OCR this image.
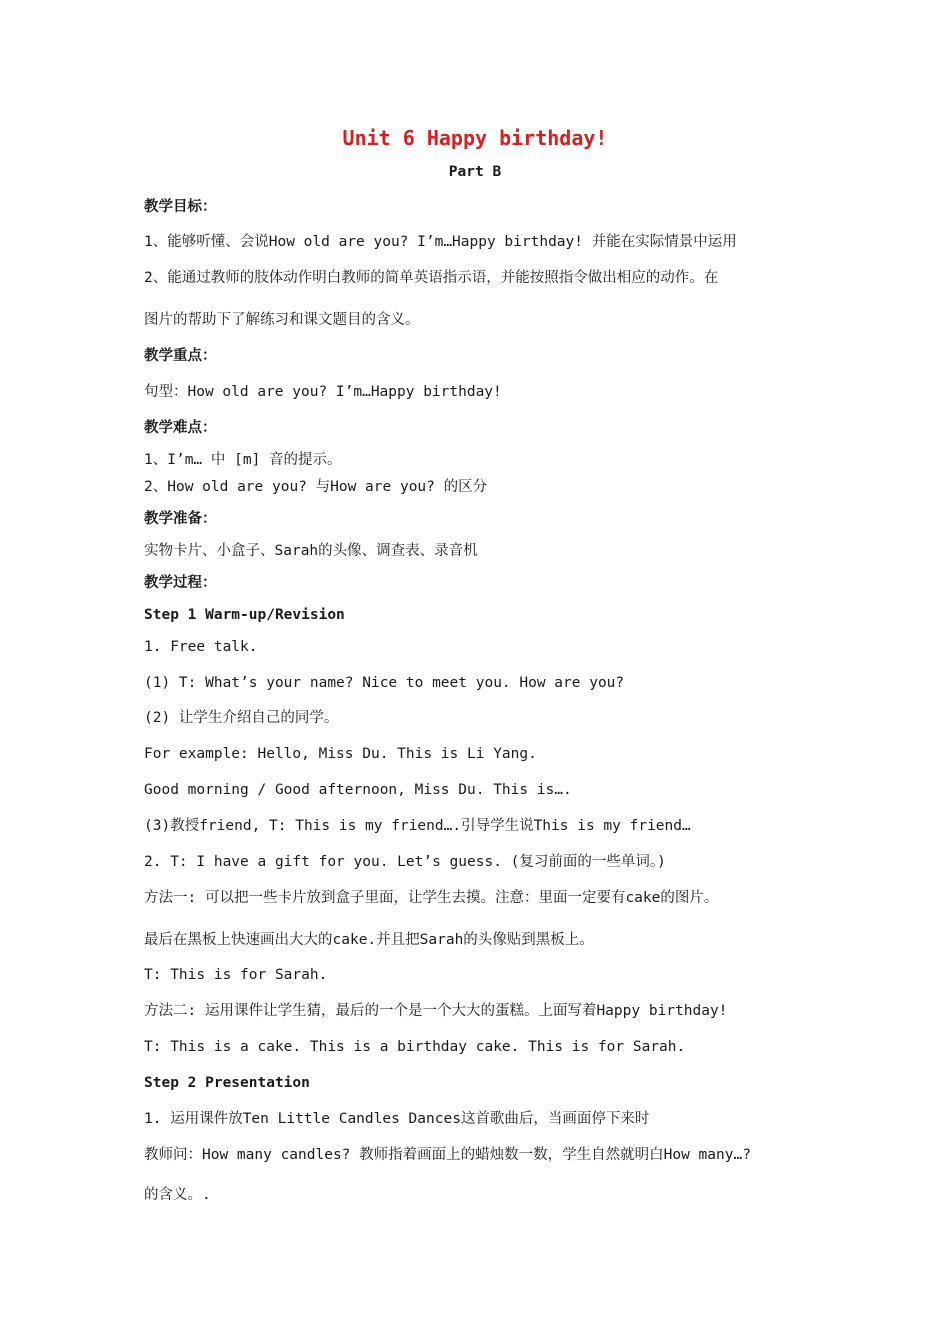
Unit 6 Happy birthday!
Part B
教学目标：
1、能够听懂、会说How old are you? I’m…Happy birthday! 并能在实际情景中运用
2、能通过教师的肢体动作明白教师的简单英语指示语，并能按照指令做出相应的动作。在
图片的帮助下了解练习和课文题目的含义。
教学重点：
句型：How old are you? I’m…Happy birthday!
教学难点：
1、I’m… 中 [m] 音的提示。
2、How old are you? 与How are you? 的区分
教学准备：
实物卡片、小盒子、Sarah的头像、调查表、录音机
教学过程：
Step 1 Warm-up/Revision
1. Free talk.
(1) T: What’s your name? Nice to meet you. How are you?
(2) 让学生介绍自己的同学。
For example: Hello, Miss Du. This is Li Yang.
Good morning / Good afternoon, Miss Du. This is….
(3)教授friend, T: This is my friend….引导学生说This is my friend…
2. T: I have a gift for you. Let’s guess. (复习前面的一些单词。)
方法一: 可以把一些卡片放到盒子里面，让学生去摸。注意：里面一定要有cake的图片。
最后在黑板上快速画出大大的cake.并且把Sarah的头像贴到黑板上。
T: This is for Sarah.
方法二: 运用课件让学生猜，最后的一个是一个大大的蛋糕。上面写着Happy birthday!
T: This is a cake. This is a birthday cake. This is for Sarah.
Step 2 Presentation
1. 运用课件放Ten Little Candles Dances这首歌曲后，当画面停下来时
教师问：How many candles? 教师指着画面上的蜡烛数一数，学生自然就明白How many…?
的含义。.
